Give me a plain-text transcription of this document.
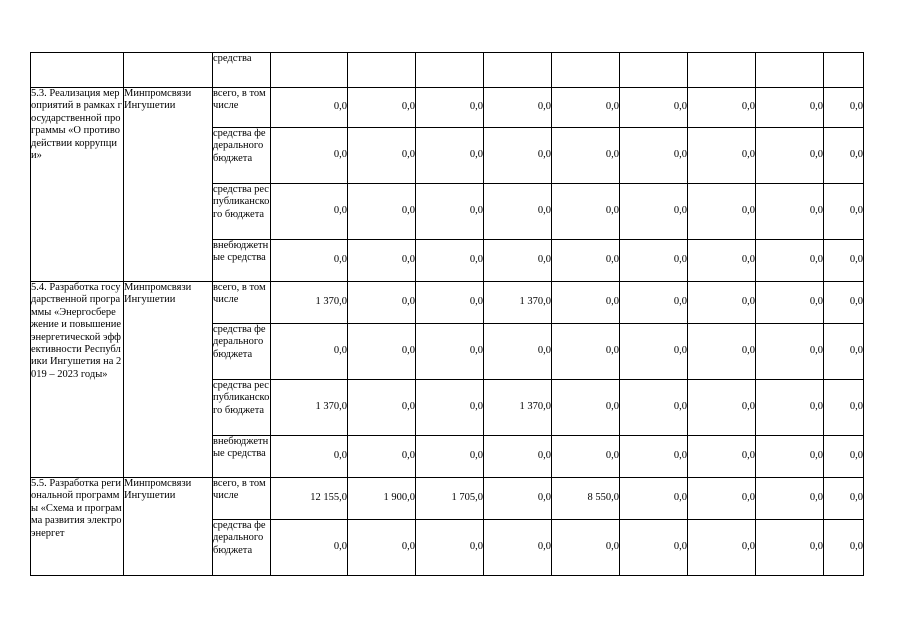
		средства									
5.3. Реализация мероприятий в рамках государственной программы «О противодействии коррупции»	Минпромсвязи Ингушетии	всего, в том числе	0,0	0,0	0,0	0,0	0,0	0,0	0,0	0,0	0,0
		средства федерального бюджета	0,0	0,0	0,0	0,0	0,0	0,0	0,0	0,0	0,0
		средства республиканского бюджета	0,0	0,0	0,0	0,0	0,0	0,0	0,0	0,0	0,0
		внебюджетные средства	0,0	0,0	0,0	0,0	0,0	0,0	0,0	0,0	0,0
5.4. Разработка государственной программы «Энергосбережение и повышение энергетической эффективности Республики Ингушетия на 2019 – 2023 годы»	Минпромсвязи Ингушетии	всего, в том числе	1 370,0	0,0	0,0	1 370,0	0,0	0,0	0,0	0,0	0,0
		средства федерального бюджета	0,0	0,0	0,0	0,0	0,0	0,0	0,0	0,0	0,0
		средства республиканского бюджета	1 370,0	0,0	0,0	1 370,0	0,0	0,0	0,0	0,0	0,0
		внебюджетные средства	0,0	0,0	0,0	0,0	0,0	0,0	0,0	0,0	0,0
5.5. Разработка региональной программы «Схема и программа развития электроэнергет	Минпромсвязи Ингушетии	всего, в том числе	12 155,0	1 900,0	1 705,0	0,0	8 550,0	0,0	0,0	0,0	0,0
		средства федерального бюджета	0,0	0,0	0,0	0,0	0,0	0,0	0,0	0,0	0,0
